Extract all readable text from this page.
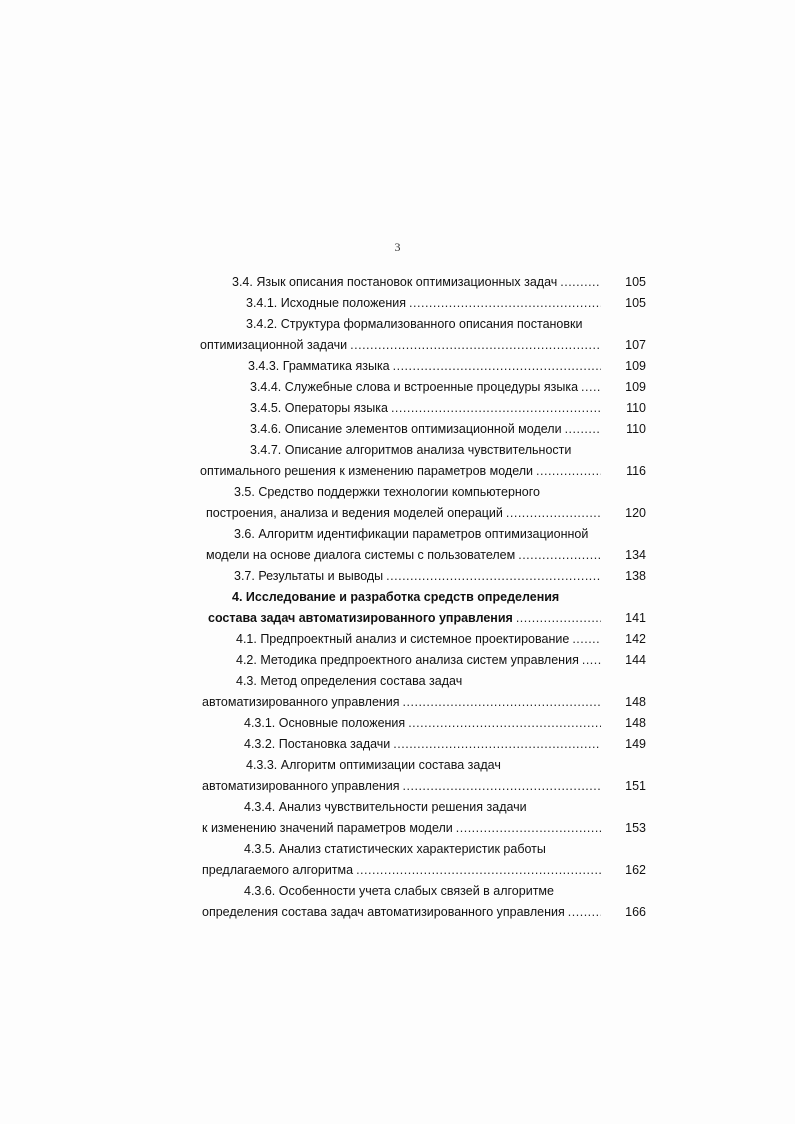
3
3.4. Язык описания постановок оптимизационных задач .....	105
3.4.1. Исходные положения .....	105
3.4.2. Структура формализованного описания постановки
оптимизационной задачи .....	107
3.4.3. Грамматика языка .....	109
3.4.4. Служебные слова и встроенные процедуры языка .....	109
3.4.5. Операторы языка .....	110
3.4.6. Описание элементов оптимизационной модели .....	110
3.4.7. Описание алгоритмов анализа чувствительности
оптимального решения к изменению параметров модели .....	116
3.5. Средство поддержки технологии компьютерного
построения, анализа и ведения моделей операций .....	120
3.6. Алгоритм идентификации параметров оптимизационной
модели на основе диалога системы с пользователем .....	134
3.7. Результаты и выводы .....	138
4. Исследование и разработка средств определения
состава задач автоматизированного управления .....	141
4.1. Предпроектный анализ и системное проектирование .....	142
4.2. Методика предпроектного анализа систем управления .....	144
4.3. Метод определения состава задач
автоматизированного управления .....	148
4.3.1. Основные положения .....	148
4.3.2. Постановка задачи .....	149
4.3.3. Алгоритм оптимизации состава задач
автоматизированного управления .....	151
4.3.4. Анализ чувствительности решения задачи
к изменению значений параметров модели .....	153
4.3.5. Анализ статистических характеристик работы
предлагаемого алгоритма .....	162
4.3.6. Особенности учета слабых связей в алгоритме
определения состава задач автоматизированного управления .....	166
